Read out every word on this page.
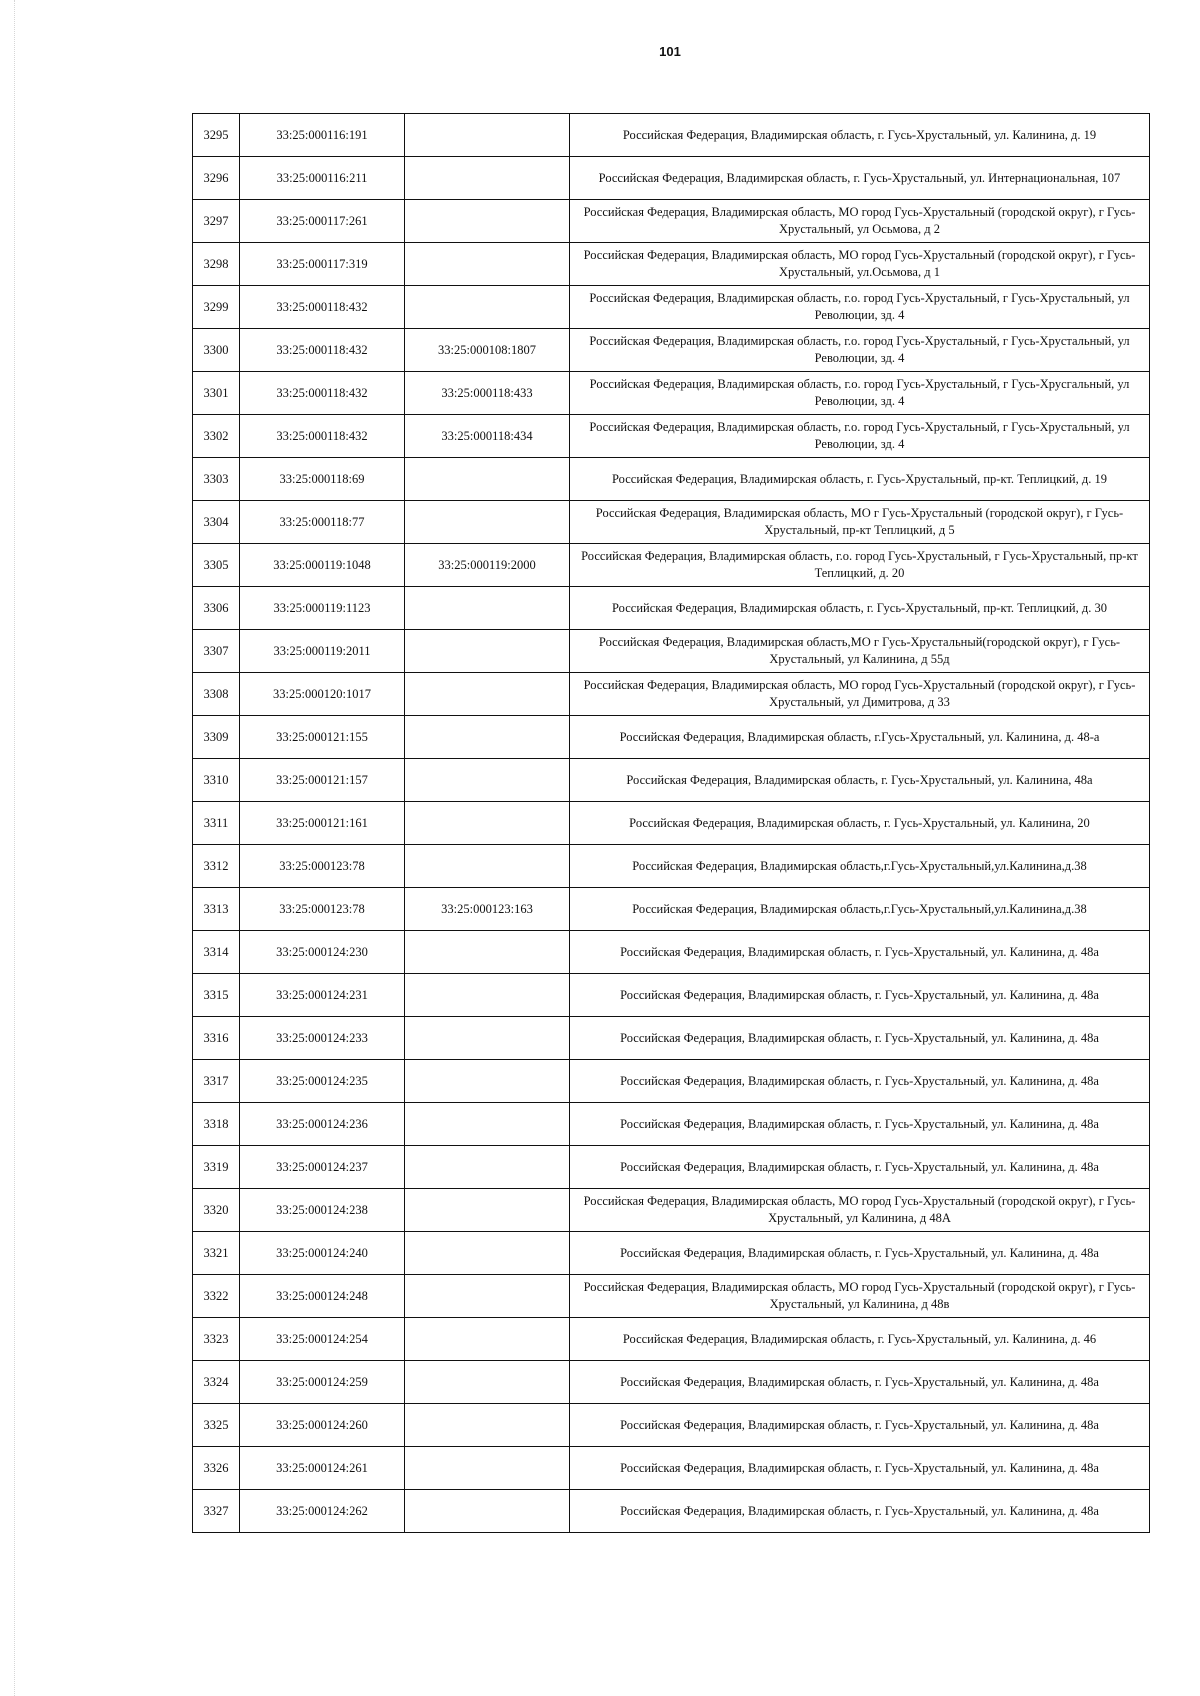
101
3295	33:25:000116:191		Российская Федерация, Владимирская область, г. Гусь-Хрустальный, ул. Калинина, д. 19
3296	33:25:000116:211		Российская Федерация, Владимирская область, г. Гусь-Хрустальный, ул. Интернациональная, 107
3297	33:25:000117:261		Российская Федерация, Владимирская область, МО город Гусь-Хрустальный (городской округ), г Гусь-Хрустальный, ул Осьмова, д 2
3298	33:25:000117:319		Российская Федерация, Владимирская область, МО город Гусь-Хрустальный (городской округ), г Гусь-Хрустальный, ул.Осьмова, д 1
3299	33:25:000118:432		Российская Федерация, Владимирская область, г.о. город Гусь-Хрустальный, г Гусь-Хрустальный, ул Революции, зд. 4
3300	33:25:000118:432	33:25:000108:1807	Российская Федерация, Владимирская область, г.о. город Гусь-Хрустальный, г Гусь-Хрустальный, ул Революции, зд. 4
3301	33:25:000118:432	33:25:000118:433	Российская Федерация, Владимирская область, г.о. город Гусь-Хрустальный, г Гусь-Хрусгальный, ул Революции, зд. 4
3302	33:25:000118:432	33:25:000118:434	Российская Федерация, Владимирская область, г.о. город Гусь-Хрустальный, г Гусь-Хрустальный, ул Революции, зд. 4
3303	33:25:000118:69		Российская Федерация, Владимирская область, г. Гусь-Хрустальный, пр-кт. Теплицкий, д. 19
3304	33:25:000118:77		Российская Федерация, Владимирская область, МО г Гусь-Хрустальный (городской округ), г Гусь-Хрустальный, пр-кт Теплицкий, д 5
3305	33:25:000119:1048	33:25:000119:2000	Российская Федерация, Владимирская область, г.о. город Гусь-Хрустальный, г Гусь-Хрустальный, пр-кт Теплицкий, д. 20
3306	33:25:000119:1123		Российская Федерация, Владимирская область, г. Гусь-Хрустальный, пр-кт. Теплицкий, д. 30
3307	33:25:000119:2011		Российская Федерация, Владимирская область,МО г Гусь-Хрустальный(городской округ), г Гусь-Хрустальный, ул Калинина, д 55д
3308	33:25:000120:1017		Российская Федерация, Владимирская область, МО город Гусь-Хрустальный (городской округ), г Гусь-Хрустальный, ул Димитрова, д 33
3309	33:25:000121:155		Российская Федерация, Владимирская область, г.Гусь-Хрустальный, ул. Калинина, д. 48-а
3310	33:25:000121:157		Российская Федерация, Владимирская область, г. Гусь-Хрустальный, ул. Калинина, 48а
3311	33:25:000121:161		Российская Федерация, Владимирская область, г. Гусь-Хрустальный, ул. Калинина, 20
3312	33:25:000123:78		Российская Федерация, Владимирская область,г.Гусь-Хрустальный,ул.Калинина,д.38
3313	33:25:000123:78	33:25:000123:163	Российская Федерация, Владимирская область,г.Гусь-Хрустальный,ул.Калинина,д.38
3314	33:25:000124:230		Российская Федерация, Владимирская область, г. Гусь-Хрустальный, ул. Калинина, д. 48а
3315	33:25:000124:231		Российская Федерация, Владимирская область, г. Гусь-Хрустальный, ул. Калинина, д. 48а
3316	33:25:000124:233		Российская Федерация, Владимирская область, г. Гусь-Хрустальный, ул. Калинина, д. 48а
3317	33:25:000124:235		Российская Федерация, Владимирская область, г. Гусь-Хрустальный, ул. Калинина, д. 48а
3318	33:25:000124:236		Российская Федерация, Владимирская область, г. Гусь-Хрустальный, ул. Калинина, д. 48а
3319	33:25:000124:237		Российская Федерация, Владимирская область, г. Гусь-Хрустальный, ул. Калинина, д. 48а
3320	33:25:000124:238		Российская Федерация, Владимирская область, МО город Гусь-Хрустальный (городской округ), г Гусь-Хрустальный, ул Калинина, д 48А
3321	33:25:000124:240		Российская Федерация, Владимирская область, г. Гусь-Хрустальный, ул. Калинина, д. 48а
3322	33:25:000124:248		Российская Федерация, Владимирская область, МО город Гусь-Хрустальный (городской округ), г Гусь-Хрустальный, ул Калинина, д 48в
3323	33:25:000124:254		Российская Федерация, Владимирская область, г. Гусь-Хрустальный, ул. Калинина, д. 46
3324	33:25:000124:259		Российская Федерация, Владимирская область, г. Гусь-Хрустальный, ул. Калинина, д. 48а
3325	33:25:000124:260		Российская Федерация, Владимирская область, г. Гусь-Хрустальный, ул. Калинина, д. 48а
3326	33:25:000124:261		Российская Федерация, Владимирская область, г. Гусь-Хрустальный, ул. Калинина, д. 48а
3327	33:25:000124:262		Российская Федерация, Владимирская область, г. Гусь-Хрустальный, ул. Калинина, д. 48а
